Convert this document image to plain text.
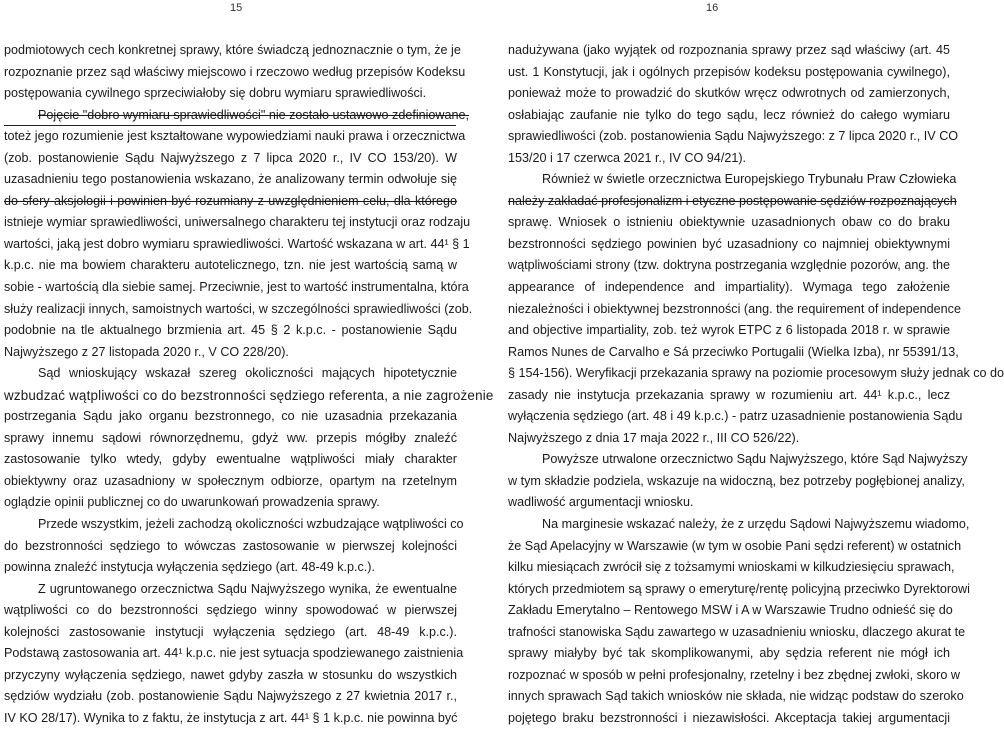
15	16
podmiotowych cech konkretnej sprawy, które świadczą jednoznacznie o tym, że je
rozpoznanie przez sąd właściwy miejscowo i rzeczowo według przepisów Kodeksu
postępowania cywilnego sprzeciwiałoby się dobru wymiaru sprawiedliwości.
Pojęcie "dobro wymiaru sprawiedliwości" nie zostało ustawowo zdefiniowane,
toteż jego rozumienie jest kształtowane wypowiedziami nauki prawa i orzecznictwa
(zob. postanowienie Sądu Najwyższego z 7 lipca 2020 r., IV CO 153/20). W
uzasadnieniu tego postanowienia wskazano, że analizowany termin odwołuje się
do sfery aksjologii i powinien być rozumiany z uwzględnieniem celu, dla którego
istnieje wymiar sprawiedliwości, uniwersalnego charakteru tej instytucji oraz rodzaju
wartości, jaką jest dobro wymiaru sprawiedliwości. Wartość wskazana w art. 44¹ § 1
k.p.c. nie ma bowiem charakteru autotelicznego, tzn. nie jest wartością samą w
sobie - wartością dla siebie samej. Przeciwnie, jest to wartość instrumentalna, która
służy realizacji innych, samoistnych wartości, w szczególności sprawiedliwości (zob.
podobnie na tle aktualnego brzmienia art. 45 § 2 k.p.c. - postanowienie Sądu
Najwyższego z 27 listopada 2020 r., V CO 228/20).
Sąd wnioskujący wskazał szereg okoliczności mających hipotetycznie
wzbudzać wątpliwości co do bezstronności sędziego referenta, a nie zagrożenie
postrzegania Sądu jako organu bezstronnego, co nie uzasadnia przekazania
sprawy innemu sądowi równorzędnemu, gdyż ww. przepis mógłby znaleźć
zastosowanie tylko wtedy, gdyby ewentualne wątpliwości miały charakter
obiektywny oraz uzasadniony w społecznym odbiorze, opartym na rzetelnym
oglądzie opinii publicznej co do uwarunkowań prowadzenia sprawy.
Przede wszystkim, jeżeli zachodzą okoliczności wzbudzające wątpliwości co
do bezstronności sędziego to wówczas zastosowanie w pierwszej kolejności
powinna znaleźć instytucja wyłączenia sędziego (art. 48-49 k.p.c.).
Z ugruntowanego orzecznictwa Sądu Najwyższego wynika, że ewentualne
wątpliwości co do bezstronności sędziego winny spowodować w pierwszej
kolejności zastosowanie instytucji wyłączenia sędziego (art. 48-49 k.p.c.).
Podstawą zastosowania art. 44¹ k.p.c. nie jest sytuacja spodziewanego zaistnienia
przyczyny wyłączenia sędziego, nawet gdyby zaszła w stosunku do wszystkich
sędziów wydziału (zob. postanowienie Sądu Najwyższego z 27 kwietnia 2017 r.,
IV KO 28/17). Wynika to z faktu, że instytucja z art. 44¹ § 1 k.p.c. nie powinna być
nadużywana (jako wyjątek od rozpoznania sprawy przez sąd właściwy (art. 45
ust. 1 Konstytucji, jak i ogólnych przepisów kodeksu postępowania cywilnego),
ponieważ może to prowadzić do skutków wręcz odwrotnych od zamierzonych,
osłabiając zaufanie nie tylko do tego sądu, lecz również do całego wymiaru
sprawiedliwości (zob. postanowienia Sądu Najwyższego: z 7 lipca 2020 r., IV CO
153/20 i 17 czerwca 2021 r., IV CO 94/21).
Również w świetle orzecznictwa Europejskiego Trybunału Praw Człowieka
należy zakładać profesjonalizm i etyczne postępowanie sędziów rozpoznających
sprawę. Wniosek o istnieniu obiektywnie uzasadnionych obaw co do braku
bezstronności sędziego powinien być uzasadniony co najmniej obiektywnymi
wątpliwościami strony (tzw. doktryna postrzegania względnie pozorów, ang. the
appearance of independence and impartiality). Wymaga tego założenie
niezależności i obiektywnej bezstronności (ang. the requirement of independence
and objective impartiality, zob. też wyrok ETPC z 6 listopada 2018 r. w sprawie
Ramos Nunes de Carvalho e Sá przeciwko Portugalii (Wielka Izba), nr 55391/13,
§ 154-156). Weryfikacji przekazania sprawy na poziomie procesowym służy jednak co do
zasady nie instytucja przekazania sprawy w rozumieniu art. 44¹ k.p.c., lecz
wyłączenia sędziego (art. 48 i 49 k.p.c.) - patrz uzasadnienie postanowienia Sądu
Najwyższego z dnia 17 maja 2022 r., III CO 526/22).
Powyższe utrwalone orzecznictwo Sądu Najwyższego, które Sąd Najwyższy
w tym składzie podziela, wskazuje na widoczną, bez potrzeby pogłębionej analizy,
wadliwość argumentacji wniosku.
Na marginesie wskazać należy, że z urzędu Sądowi Najwyższemu wiadomo,
że Sąd Apelacyjny w Warszawie (w tym w osobie Pani sędzi referent) w ostatnich
kilku miesiącach zwrócił się z tożsamymi wnioskami w kilkudziesięciu sprawach,
których przedmiotem są sprawy o emeryturę/rentę policyjną przeciwko Dyrektorowi
Zakładu Emerytalno – Rentowego MSW i A w Warszawie Trudno odnieść się do
trafności stanowiska Sądu zawartego w uzasadnieniu wniosku, dlaczego akurat te
sprawy miałyby być tak skomplikowanymi, aby sędzia referent nie mógł ich
rozpoznać w sposób w pełni profesjonalny, rzetelny i bez zbędnej zwłoki, skoro w
innych sprawach Sąd takich wniosków nie składa, nie widząc podstaw do szeroko
pojętego braku bezstronności i niezawisłości. Akceptacja takiej argumentacji
